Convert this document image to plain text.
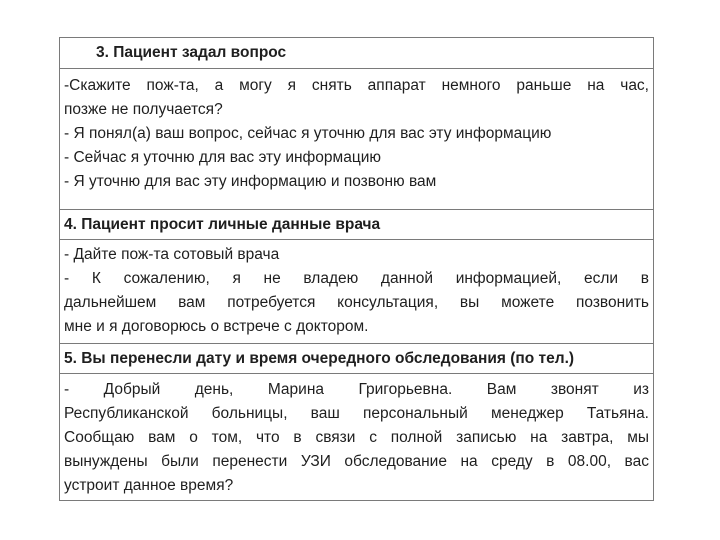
3. Пациент задал вопрос
-Скажите пож-та, а могу я снять аппарат немного раньше на час,
позже не получается?
- Я понял(а) ваш вопрос, сейчас я уточню для вас эту информацию
- Сейчас я уточню для вас эту информацию
- Я уточню для вас эту информацию и позвоню вам
4. Пациент просит личные данные врача
- Дайте пож-та сотовый врача
- К сожалению, я не владею данной информацией, если в
дальнейшем вам потребуется консультация, вы можете позвонить
мне и я договорюсь о встрече с доктором.
5. Вы перенесли дату и время очередного обследования (по тел.)
- Добрый день, Марина Григорьевна. Вам звонят из
Республиканской больницы, ваш персональный менеджер Татьяна.
Сообщаю вам о том, что в связи с полной записью на завтра, мы
вынуждены были перенести УЗИ обследование на среду в 08.00, вас
устроит данное время?
